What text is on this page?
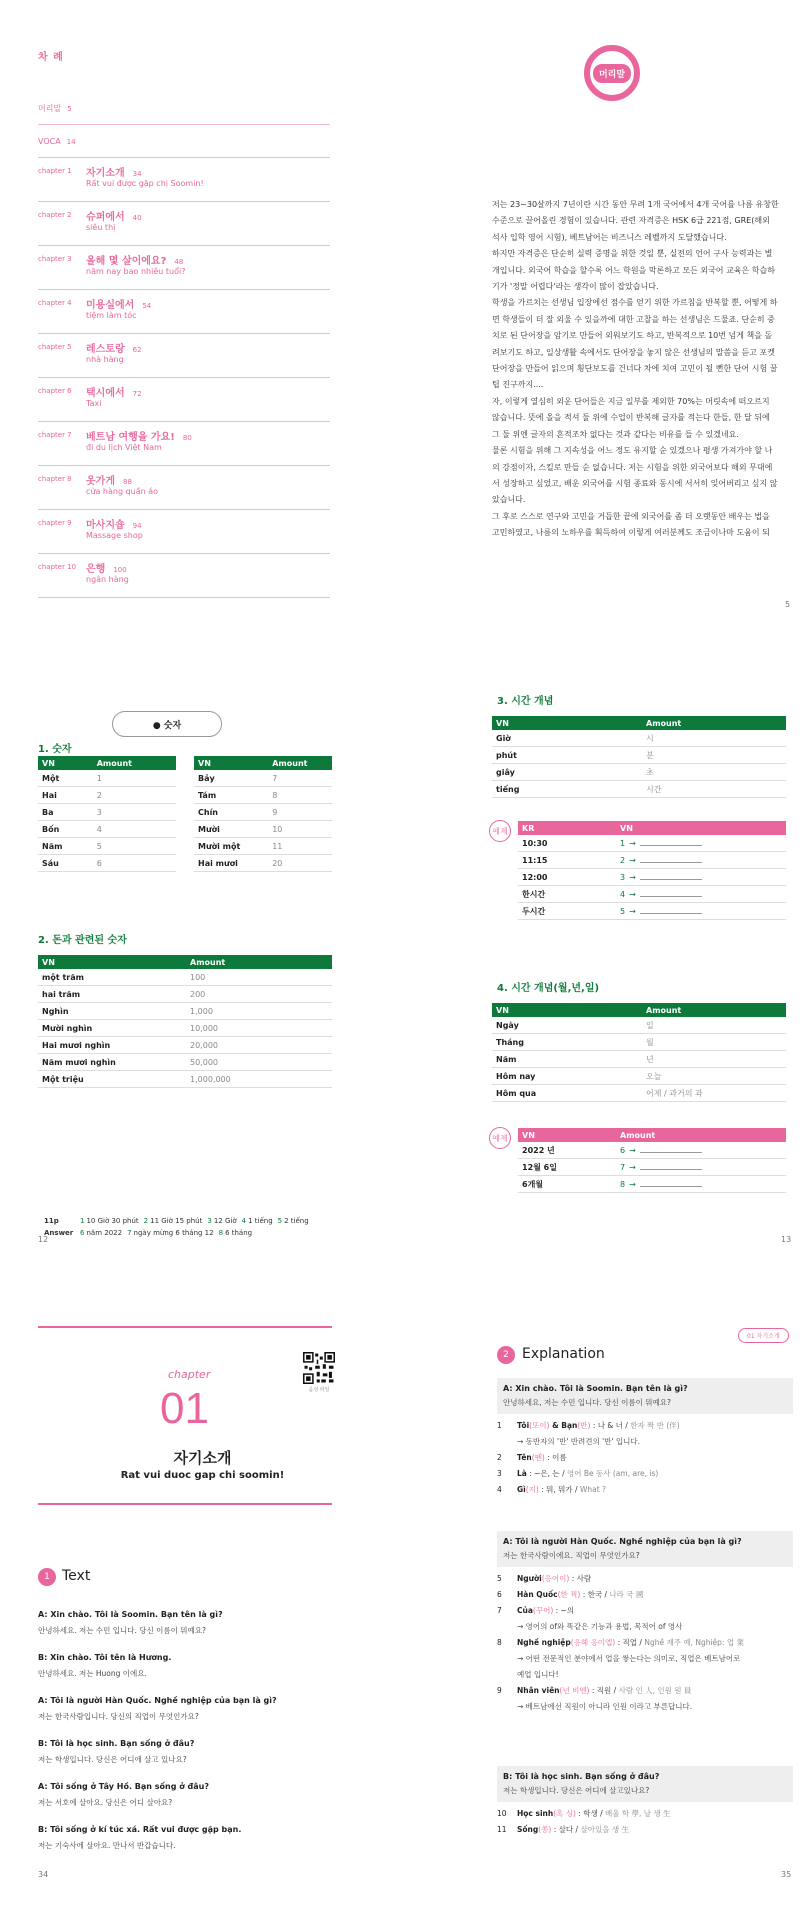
차 례
머리말 5
VOCA 14
chapter 1	자기소개 34
Rất vui được gặp chị Soomin!
chapter 2	슈퍼에서 40
siêu thị
chapter 3	올해 몇 살이에요? 48
năm nay bao nhiêu tuổi?
chapter 4	미용실에서 54
tiệm làm tóc
chapter 5	레스토랑 62
nhà hàng
chapter 6	택시에서 72
Taxi
chapter 7	베트남 여행을 가요! 80
đi du lịch Việt Nam
chapter 8	옷가게 88
cửa hàng quần áo
chapter 9	마사지숍 94
Massage shop
chapter 10 은행 100
ngân hàng
머리말

저는 23~30살까지 7년이란 시간 동안 무려 1개 국어에서 4개 국어를 나름 유창한 수준으로 끌어올린 경험이 있습니다. 관련 자격증은 HSK 6급 221점, GRE(해외 석사 입학 영어 시험), 베트남어는 비즈니스 레벨까지 도달했습니다.

하지만 자격증은 단순히 실력 증명을 위한 것일 뿐, 실전의 언어 구사 능력과는 별개입니다. 외국어 학습을 할수록 어느 학원을 막론하고 모든 외국어 교육은 학습하기가 '정말 어렵다'라는 생각이 많이 잡았습니다.

학생을 가르치는 선생님 입장에선 점수를 얻기 위한 가르침을 반복할 뿐, 어떻게 하면 학생들이 더 잘 외울 수 있을까에 대한 고찰을 하는 선생님은 드물죠. 단순히 중치로 된 단어장을 암기로 만들어 외워보기도 하고, 반복적으로 10번 넘게 책을 돌려보기도 하고, 일상생활 속에서도 단어장을 놓지 않은 선생님의 말씀을 듣고 포켓 단어장을 만들어 읽으며 횡단보도를 건너다 차에 치여 고민이 될 뻔한 단어 시험 꿀팁 진구까지....

자, 이렇게 열심히 외운 단어들은 지금 일부를 제외한 70%는 머릿속에 떠오르지 않습니다. 뜻에 올을 적셔 둘 위에 수업이 반복해 글자를 적는다 한들, 한 달 뒤에 그 둘 위엔 글자의 흔적조차 없다는 것과 같다는 비유를 들 수 있겠네요.

물론 시험을 위해 그 지속성을 어느 정도 유지할 순 있겠으나 평생 가져가야 할 나의 강점이자, 스킬로 만들 순 없습니다. 저는 시험을 위한 외국어보다 해외 무대에서 성장하고 싶었고, 배운 외국어를 시험 종료와 동시에 서서히 잊어버리고 싶지 않았습니다.

그 후로 스스로 연구와 고민을 거듭한 끝에 외국어를 좀 더 오랫동안 배우는 법을 고민하였고, 나름의 노하우를 획득하여 이렇게 여러분께도 조금이나마 도움이 되

5
● 숫자
1. 숫자
VN	Amount
Một	1
Hai	2
Ba	3
Bốn	4
Năm	5
Sáu	6
VN	Amount
Bảy	7
Tám	8
Chín	9
Mười	10
Mười một	11
Hai mươi	20
2. 돈과 관련된 숫자
VN	Amount
một trăm	100
hai trăm	200
Nghìn	1,000
Mười nghìn	10,000
Hai mươi nghìn	20,000
Năm mươi nghìn	50,000
Một triệu	1,000,000
11p	1 10 Giờ 30 phút 2 11 Giờ 15 phút 3 12 Giờ 4 1 tiếng 5 2 tiếng
Answer 6 năm 2022 7 ngày mừng 6 tháng 12 8 6 tháng
12
3. 시간 개념
VN	Amount
Giờ	시
phút	분
giây	초
tiếng	시간
예제	KR	VN
10:30	1 →
11:15	2 →
12:00	3 →
한시간	4 →
두시간	5 →
4. 시간 개념(월,년,일)
VN	Amount
Ngày	일
Tháng	월
Năm	년
Hôm nay	오늘
Hôm qua	어제 / 과거의 과
예제	VN	Amount
2022 년	6 →
12월 6일	7 →
6개월	8 →
13
chapter
01	음성 파일
자기소개
Rat vui duoc gap chi soomin!
1 Text
A: Xin chào. Tôi là Soomin. Bạn tên là gì?
안녕하세요. 저는 수민 입니다. 당신 이름이 뭐예요?
B: Xin chào. Tôi tên là Hương.
안녕하세요. 저는 Huong 이에요.
A: Tôi là người Hàn Quốc. Nghề nghiệp của bạn là gì?
저는 한국사람입니다. 당신의 직업이 무엇인가요?
B: Tôi là học sinh. Bạn sống ở đâu?
저는 학생입니다. 당신은 어디에 살고 있나요?
A: Tôi sống ở Tây Hồ. Bạn sống ở đâu?
저는 서호에 살아요. 당신은 어디 살아요?
B: Tôi sống ở kí túc xá. Rất vui được gặp bạn.
저는 기숙사에 살아요. 만나서 반갑습니다.
34
01 자기소개
2 Explanation
A: Xin chào. Tôi là Soomin. Bạn tên là gì?
안녕하세요, 저는 수민 입니다. 당신 이름이 뭐예요?
1	Tôi(또이) & Bạn(반) : 나 & 너 / 한자 짝 반 (伴)
→ 동반자의 '반' 반려견의 '반' 입니다.
2	Tên(뗀) : 이름
3	Là : ~은, 는 / 영어 Be 동사 (am, are, is)
4	Gì(지) : 뭐, 뭐가 / What ?
A: Tôi là người Hàn Quốc. Nghề nghiệp của bạn là gì?
저는 한국사람이에요. 직업이 무엇인가요?
5	Người(응어이) : 사람
6	Hàn Quốc(한 꿕) : 한국 / 나라 국 國
7	Của(꾸어) : ~의
→ 영어의 of와 똑같은 기능과 용법, 목적어 of 영사
8	Nghề nghiệp(응헤 응이엡) : 직업 / Nghề 재주 예, Nghiệp: 업 業
→ 어떤 전문적인 분야에서 업을 쌓는다는 의미로, 직업은 베트남어로
예업 입니다!
9	Nhân viên(년 비엔) : 직원 / 사람 인 人, 인원 원 員
→ 베트남에선 직원이 아니라 인원 이라고 부른답니다.
B: Tôi là học sinh. Bạn sống ở đâu?
저는 학생입니다. 당신은 어디에 살고있나요?
10	Học sinh(혹 싱) : 학생 / 배울 학 學, 날 생 生
11	Sống(쏭) : 살다 / 살아있을 생 生
35
